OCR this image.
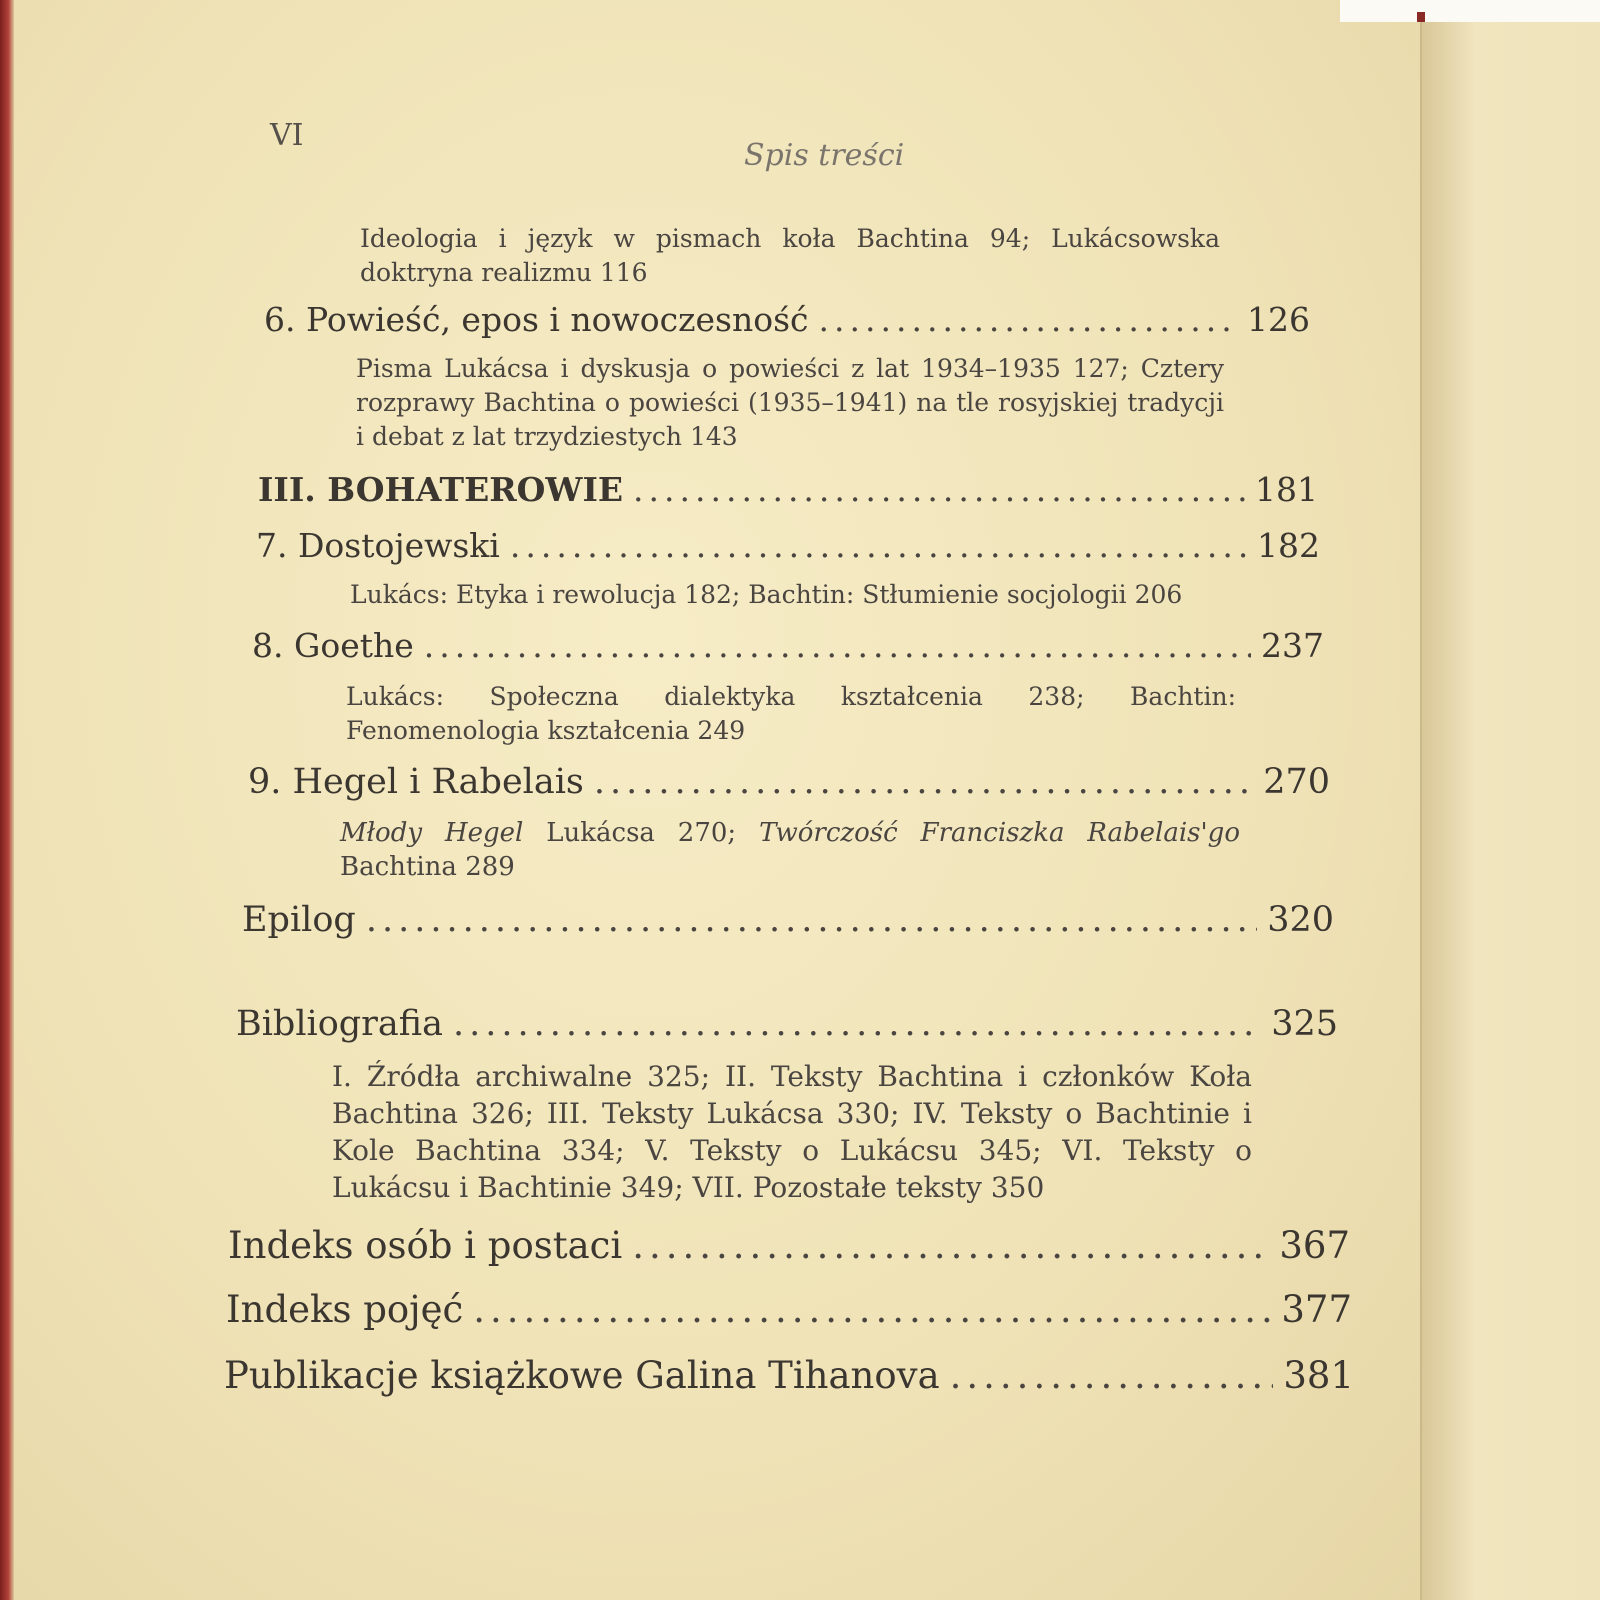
VI
Spis treści
Ideologia i język w pismach koła Bachtina 94; Lukácsowska doktryna realizmu 116
6. Powieść, epos i nowoczesność .....	126
Pisma Lukácsa i dyskusja o powieści z lat 1934–1935 127; Cztery rozprawy Bachtina o powieści (1935–1941) na tle rosyjskiej tradycji i debat z lat trzydziestych 143
III. BOHATEROWIE .....	181
7. Dostojewski .....	182
Lukács: Etyka i rewolucja 182; Bachtin: Stłumienie socjologii 206
8. Goethe .....	237
Lukács: Społeczna dialektyka kształcenia 238; Bachtin: Fenomenologia kształcenia 249
9. Hegel i Rabelais .....	270
Młody Hegel Lukácsa 270; Twórczość Franciszka Rabelais'go Bachtina 289
Epilog .....	320
Bibliografia .....	325
I. Źródła archiwalne 325; II. Teksty Bachtina i członków Koła Bachtina 326; III. Teksty Lukácsa 330; IV. Teksty o Bachtinie i Kole Bachtina 334; V. Teksty o Lukácsu 345; VI. Teksty o Lukácsu i Bachtinie 349; VII. Pozostałe teksty 350
Indeks osób i postaci .....	367
Indeks pojęć .....	377
Publikacje książkowe Galina Tihanova .....	381
